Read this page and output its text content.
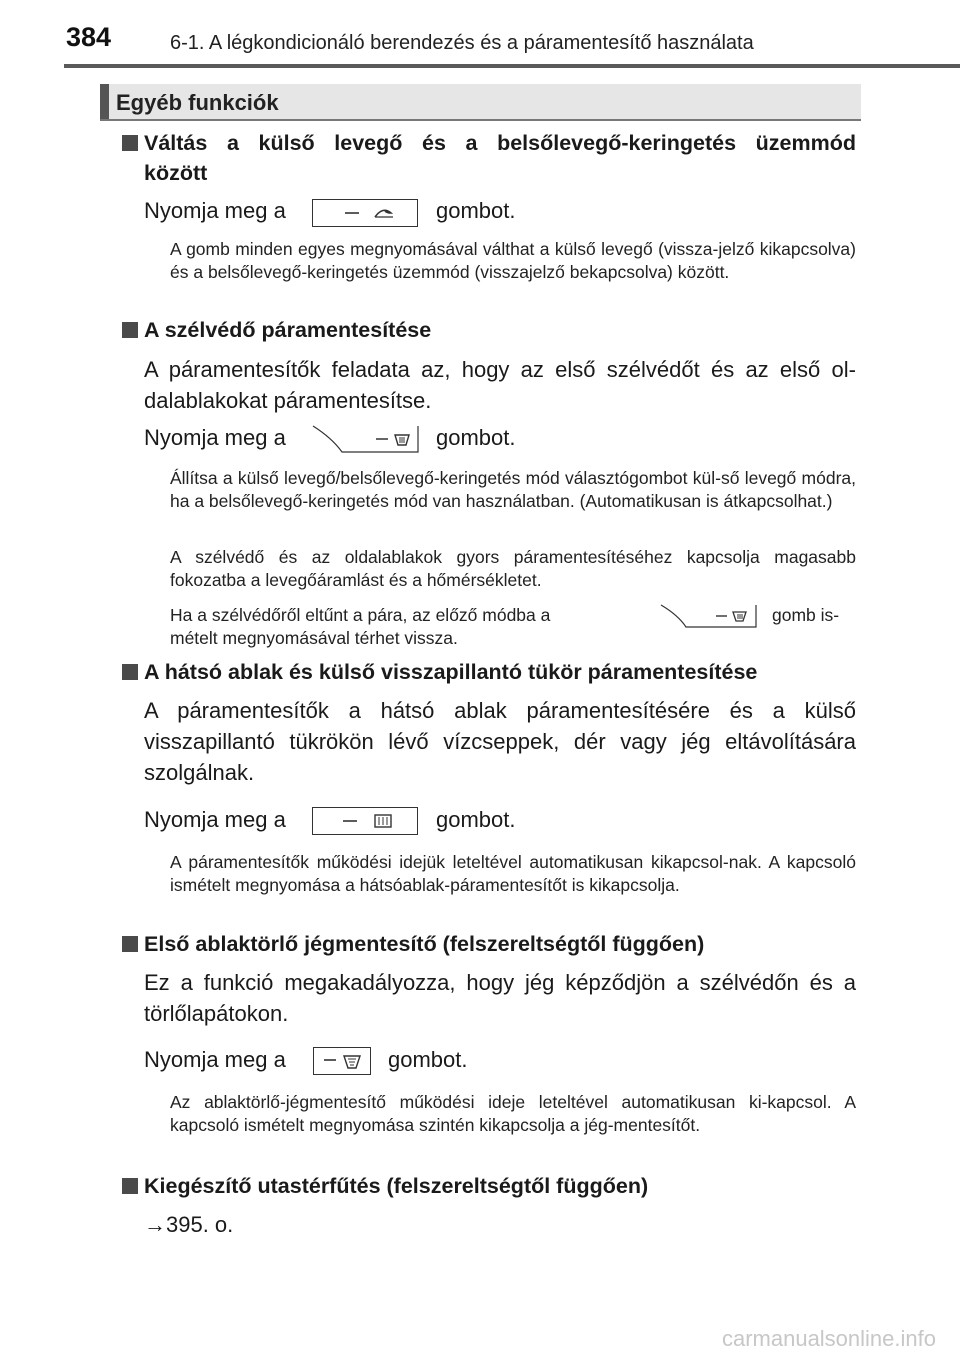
384	6-1. A légkondicionáló berendezés és a páramentesítő használata
Egyéb funkciók
Váltás a külső levegő és a belsőlevegő-keringetés üzemmód
között
Nyomja meg a	gombot.
A gomb minden egyes megnyomásával válthat a külső levegő (vissza-jelző kikapcsolva) és a belsőlevegő-keringetés üzemmód (visszajelző bekapcsolva) között.
A szélvédő páramentesítése
A páramentesítők feladata az, hogy az első szélvédőt és az első ol-dalablakokat páramentesítse.
Nyomja meg a	gombot.
Állítsa a külső levegő/belsőlevegő-keringetés mód választógombot kül-ső levegő módra, ha a belsőlevegő-keringetés mód van használatban. (Automatikusan is átkapcsolhat.)
A szélvédő és az oldalablakok gyors páramentesítéséhez kapcsolja magasabb fokozatba a levegőáramlást és a hőmérsékletet.
Ha a szélvédőről eltűnt a pára, az előző módba a	gomb is-
mételt megnyomásával térhet vissza.
A hátsó ablak és külső visszapillantó tükör páramentesítése
A páramentesítők a hátsó ablak páramentesítésére és a külső visszapillantó tükrökön lévő vízcseppek, dér vagy jég eltávolítására szolgálnak.
Nyomja meg a	gombot.
A páramentesítők működési idejük leteltével automatikusan kikapcsol-nak. A kapcsoló ismételt megnyomása a hátsóablak-páramentesítőt is kikapcsolja.
Első ablaktörlő jégmentesítő (felszereltségtől függően)
Ez a funkció megakadályozza, hogy jég képződjön a szélvédőn és a törlőlapátokon.
Nyomja meg a	gombot.
Az ablaktörlő-jégmentesítő működési ideje leteltével automatikusan ki-kapcsol. A kapcsoló ismételt megnyomása szintén kikapcsolja a jég-mentesítőt.
Kiegészítő utastérfűtés (felszereltségtől függően)
→395. o.
carmanualsonline.info
